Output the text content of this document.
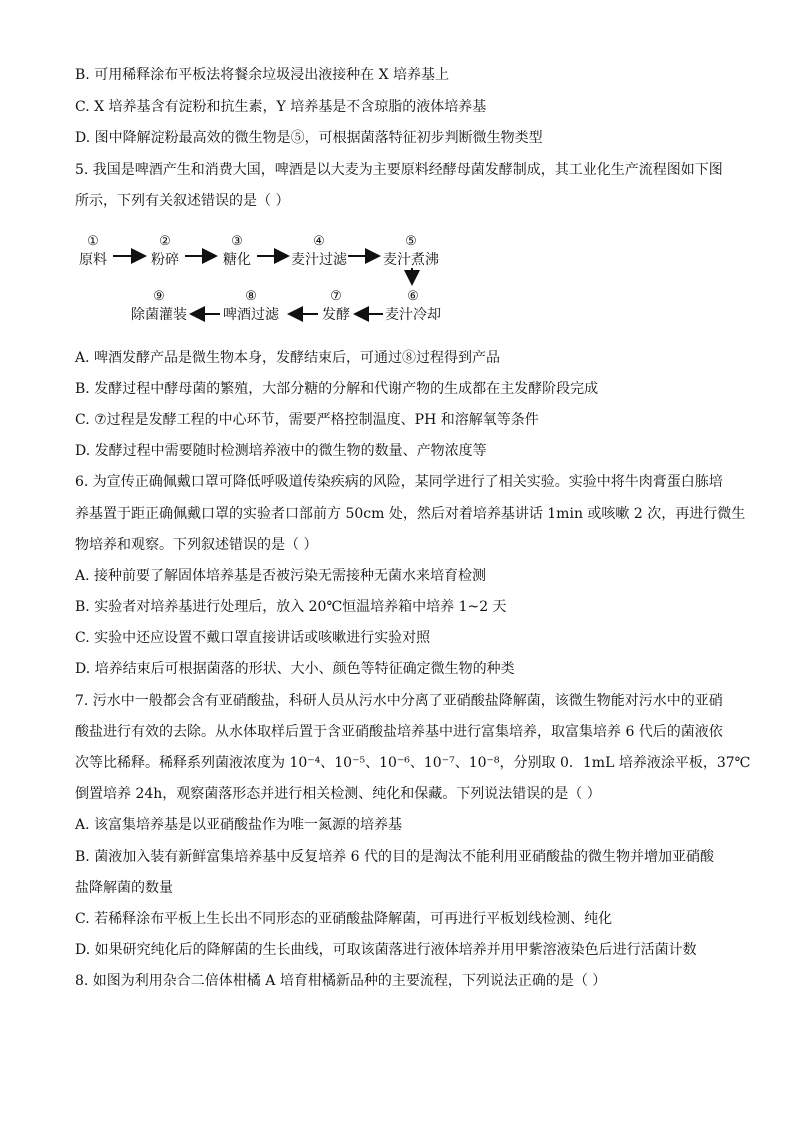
B. 可用稀释涂布平板法将餐余垃圾浸出液接种在 X 培养基上
C. X 培养基含有淀粉和抗生素，Y 培养基是不含琼脂的液体培养基
D. 图中降解淀粉最高效的微生物是⑤，可根据菌落特征初步判断微生物类型
5. 我国是啤酒产生和消费大国，啤酒是以大麦为主要原料经酵母菌发酵制成，其工业化生产流程图如下图
所示，下列有关叙述错误的是（ ）
①
原料
②
粉碎
③
糖化
④
麦汁过滤
⑤
麦汁煮沸
⑥
麦汁冷却
⑦
发酵
⑧
啤酒过滤
⑨
除菌灌装
A. 啤酒发酵产品是微生物本身，发酵结束后，可通过⑧过程得到产品
B. 发酵过程中酵母菌的繁殖，大部分糖的分解和代谢产物的生成都在主发酵阶段完成
C. ⑦过程是发酵工程的中心环节，需要严格控制温度、PH 和溶解氧等条件
D. 发酵过程中需要随时检测培养液中的微生物的数量、产物浓度等
6. 为宣传正确佩戴口罩可降低呼吸道传染疾病的风险，某同学进行了相关实验。实验中将牛肉膏蛋白胨培
养基置于距正确佩戴口罩的实验者口部前方 50cm 处，然后对着培养基讲话 1min 或咳嗽 2 次，再进行微生
物培养和观察。下列叙述错误的是（ ）
A. 接种前要了解固体培养基是否被污染无需接种无菌水来培育检测
B. 实验者对培养基进行处理后，放入 20℃恒温培养箱中培养 1~2 天
C. 实验中还应设置不戴口罩直接讲话或咳嗽进行实验对照
D. 培养结束后可根据菌落的形状、大小、颜色等特征确定微生物的种类
7. 污水中一般都会含有亚硝酸盐，科研人员从污水中分离了亚硝酸盐降解菌，该微生物能对污水中的亚硝
酸盐进行有效的去除。从水体取样后置于含亚硝酸盐培养基中进行富集培养，取富集培养 6 代后的菌液依
次等比稀释。稀释系列菌液浓度为 10⁻⁴、10⁻⁵、10⁻⁶、10⁻⁷、10⁻⁸，分别取 0．1mL 培养液涂平板，37℃
倒置培养 24h，观察菌落形态并进行相关检测、纯化和保藏。下列说法错误的是（ ）
A. 该富集培养基是以亚硝酸盐作为唯一氮源的培养基
B. 菌液加入装有新鲜富集培养基中反复培养 6 代的目的是淘汰不能利用亚硝酸盐的微生物并增加亚硝酸
盐降解菌的数量
C. 若稀释涂布平板上生长出不同形态的亚硝酸盐降解菌，可再进行平板划线检测、纯化
D. 如果研究纯化后的降解菌的生长曲线，可取该菌落进行液体培养并用甲紫溶液染色后进行活菌计数
8. 如图为利用杂合二倍体柑橘 A 培育柑橘新品种的主要流程，下列说法正确的是（ ）
